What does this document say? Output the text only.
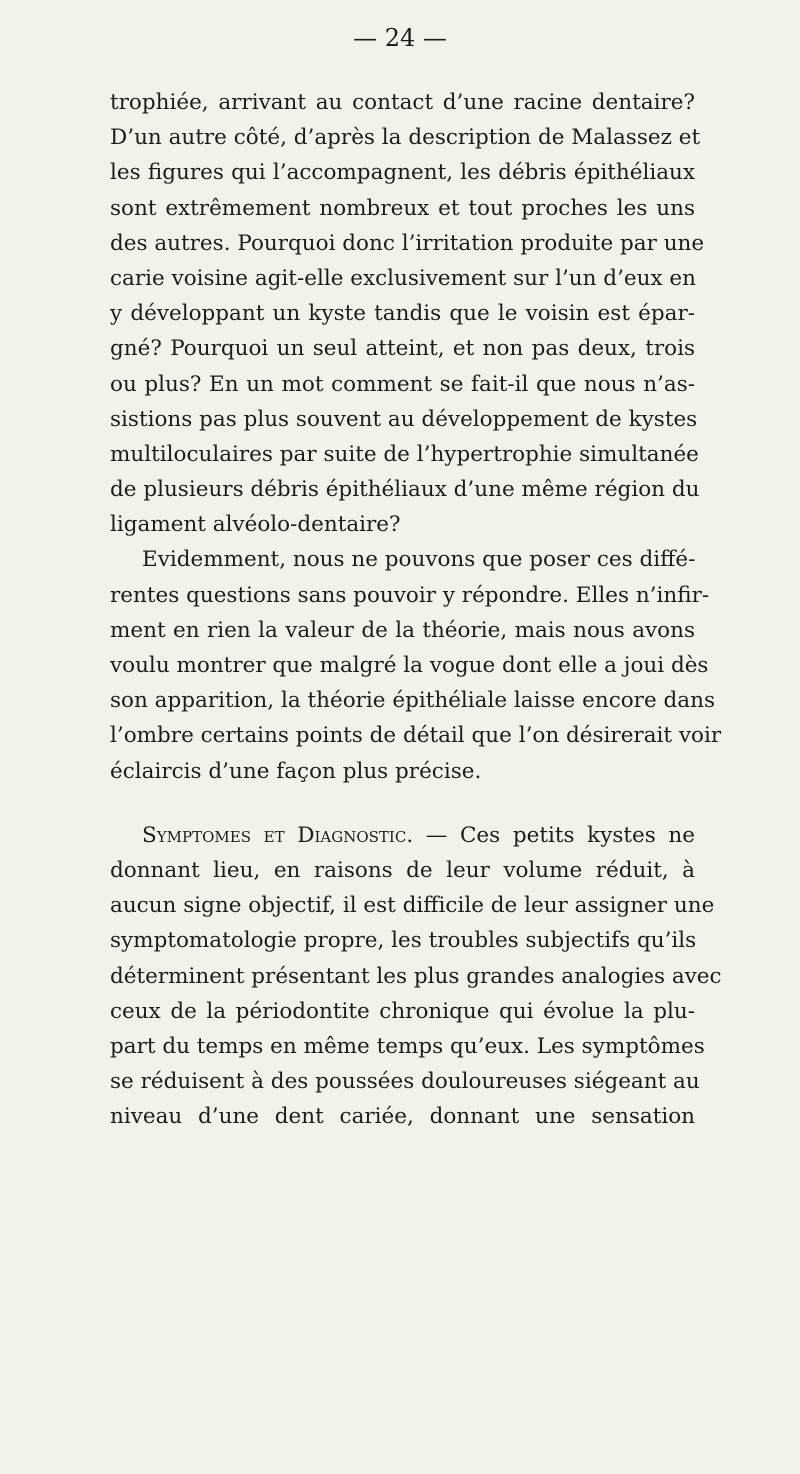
— 24 —
trophiée, arrivant au contact d’une racine dentaire?
D’un autre côté, d’après la description de Malassez et
les figures qui l’accompagnent, les débris épithéliaux
sont extrêmement nombreux et tout proches les uns
des autres. Pourquoi donc l’irritation produite par une
carie voisine agit-elle exclusivement sur l’un d’eux en
y développant un kyste tandis que le voisin est épar-
gné? Pourquoi un seul atteint, et non pas deux, trois
ou plus? En un mot comment se fait-il que nous n’as-
sistions pas plus souvent au développement de kystes
multiloculaires par suite de l’hypertrophie simultanée
de plusieurs débris épithéliaux d’une même région du
ligament alvéolo-dentaire?
Evidemment, nous ne pouvons que poser ces diffé-
rentes questions sans pouvoir y répondre. Elles n’infir-
ment en rien la valeur de la théorie, mais nous avons
voulu montrer que malgré la vogue dont elle a joui dès
son apparition, la théorie épithéliale laisse encore dans
l’ombre certains points de détail que l’on désirerait voir
éclaircis d’une façon plus précise.
Symptomes et Diagnostic. — Ces petits kystes ne
donnant lieu, en raisons de leur volume réduit, à
aucun signe objectif, il est difficile de leur assigner une
symptomatologie propre, les troubles subjectifs qu’ils
déterminent présentant les plus grandes analogies avec
ceux de la périodontite chronique qui évolue la plu-
part du temps en même temps qu’eux. Les symptômes
se réduisent à des poussées douloureuses siégeant au
niveau d’une dent cariée, donnant une sensation
